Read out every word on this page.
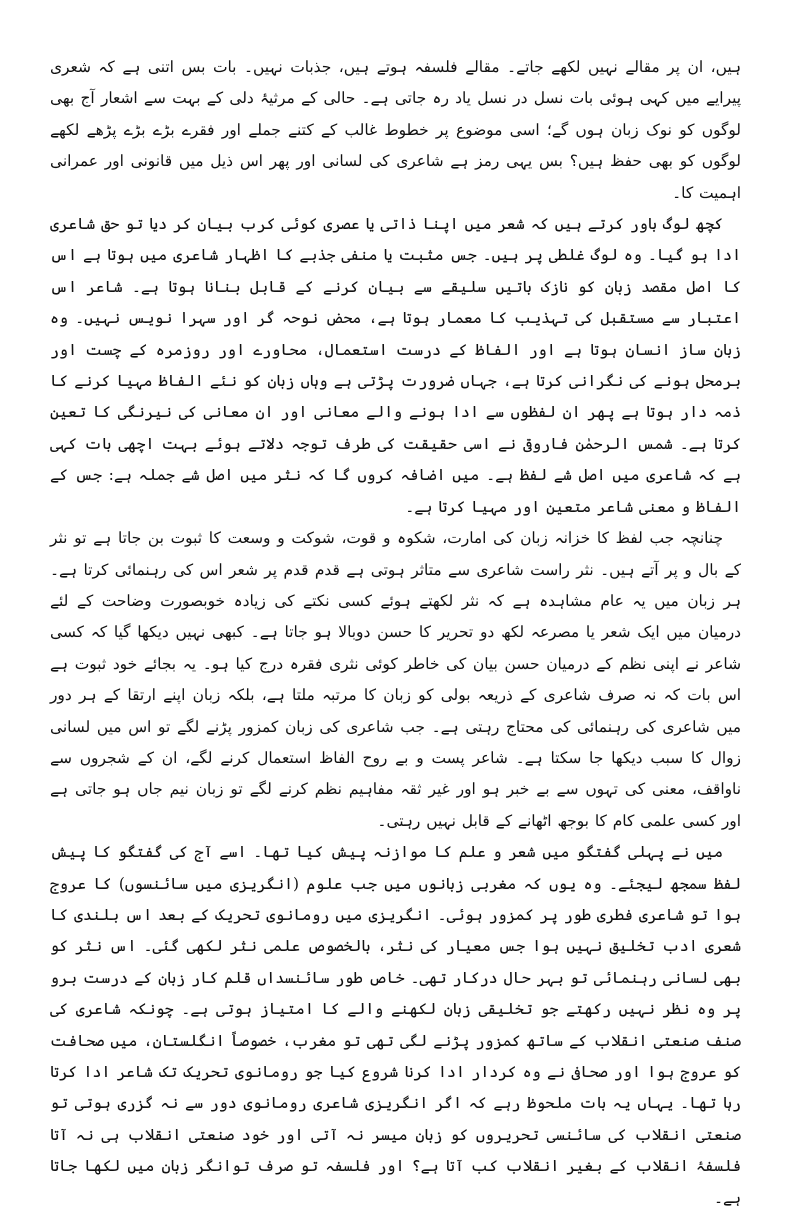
ہیں، ان پر مقالے نہیں لکھے جاتے۔ مقالے فلسفہ ہوتے ہیں، جذبات نہیں۔ بات بس اتنی ہے کہ شعری پیرایے میں کہی ہوئی بات نسل در نسل یاد رہ جاتی ہے۔ حالی کے مرثیۂ دلی کے بہت سے اشعار آج بھی لوگوں کو نوک زبان ہوں گے؛ اسی موضوع پر خطوط غالب کے کتنے جملے اور فقرے بڑے بڑے پڑھے لکھے لوگوں کو بھی حفظ ہیں؟ بس یہی رمز ہے شاعری کی لسانی اور پھر اس ذیل میں قانونی اور عمرانی اہمیت کا۔

کچھ لوگ باور کرتے ہیں کہ شعر میں اپنا ذاتی یا عصری کوئی کرب بیان کر دیا تو حق شاعری ادا ہو گیا۔ وہ لوگ غلطی پر ہیں۔ جس مثبت یا منفی جذبے کا اظہار شاعری میں ہوتا ہے اس کا اصل مقصد زبان کو نازک باتیں سلیقے سے بیان کرنے کے قابل بنانا ہوتا ہے۔ شاعر اس اعتبار سے مستقبل کی تہذیب کا معمار ہوتا ہے، محض نوحہ گر اور سہرا نویس نہیں۔ وہ زبان ساز انسان ہوتا ہے اور الفاظ کے درست استعمال، محاورے اور روزمرہ کے چست اور برمحل ہونے کی نگرانی کرتا ہے، جہاں ضرورت پڑتی ہے وہاں زبان کو نئے الفاظ مہیا کرنے کا ذمہ دار ہوتا ہے پھر ان لفظوں سے ادا ہونے والے معانی اور ان معانی کی نیرنگی کا تعین کرتا ہے۔ شمس الرحمٰن فاروقی نے اسی حقیقت کی طرف توجہ دلاتے ہوئے بہت اچھی بات کہی ہے کہ شاعری میں اصل شے لفظ ہے۔ میں اضافہ کروں گا کہ نثر میں اصل شے جملہ ہے: جس کے الفاظ و معنی شاعر متعین اور مہیا کرتا ہے۔

چنانچہ جب لفظ کا خزانہ زبان کی امارت، شکوہ و قوت، شوکت و وسعت کا ثبوت بن جاتا ہے تو نثر کے بال و پر آتے ہیں۔ نثر راست شاعری سے متاثر ہوتی ہے قدم قدم پر شعر اس کی رہنمائی کرتا ہے۔ ہر زبان میں یہ عام مشاہدہ ہے کہ نثر لکھتے ہوئے کسی نکتے کی زیادہ خوبصورت وضاحت کے لئے درمیان میں ایک شعر یا مصرعہ لکھ دو تحریر کا حسن دوبالا ہو جاتا ہے۔ کبھی نہیں دیکھا گیا کہ کسی شاعر نے اپنی نظم کے درمیان حسن بیان کی خاطر کوئی نثری فقرہ درج کیا ہو۔ یہ بجائے خود ثبوت ہے اس بات کہ نہ صرف شاعری کے ذریعہ بولی کو زبان کا مرتبہ ملتا ہے، بلکہ زبان اپنے ارتقا کے ہر دور میں شاعری کی رہنمائی کی محتاج رہتی ہے۔ جب شاعری کی زبان کمزور پڑنے لگے تو اس میں لسانی زوال کا سبب دیکھا جا سکتا ہے۔ شاعر پست و بے روح الفاظ استعمال کرنے لگے، ان کے شجروں سے ناواقف، معنی کی تہوں سے بے خبر ہو اور غیر ثقہ مفاہیم نظم کرنے لگے تو زبان نیم جاں ہو جاتی ہے اور کسی علمی کام کا بوجھ اٹھانے کے قابل نہیں رہتی۔

میں نے پہلی گفتگو میں شعر و علم کا موازنہ پیش کیا تھا۔ اسے آج کی گفتگو کا پیش لفظ سمجھ لیجئے۔ وہ یوں کہ مغربی زبانوں میں جب علوم (انگریزی میں سائنسوں) کا عروج ہوا تو شاعری فطری طور پر کمزور ہوئی۔ انگریزی میں رومانوی تحریک کے بعد اس بلندی کا شعری ادب تخلیق نہیں ہوا جس معیار کی نثر، بالخصوص علمی نثر لکھی گئی۔ اس نثر کو بھی لسانی رہنمائی تو بہر حال درکار تھی۔ خاص طور سائنسداں قلم کار زبان کے درست برو پر وہ نظر نہیں رکھتے جو تخلیقی زبان لکھنے والے کا امتیاز ہوتی ہے۔ چونکہ شاعری کی صنف صنعتی انقلاب کے ساتھ کمزور پڑنے لگی تھی تو مغرب، خصوصاً انگلستان، میں صحافت کو عروج ہوا اور صحافی نے وہ کردار ادا کرنا شروع کیا جو رومانوی تحریک تک شاعر ادا کرتا رہا تھا۔ یہاں یہ بات ملحوظ رہے کہ اگر انگریزی شاعری رومانوی دور سے نہ گزری ہوتی تو صنعتی انقلاب کی سائنسی تحریروں کو زبان میسر نہ آتی اور خود صنعتی انقلاب ہی نہ آتا فلسفۂ انقلاب کے بغیر انقلاب کب آتا ہے؟ اور فلسفہ تو صرف توانگر زبان میں لکھا جاتا ہے۔
